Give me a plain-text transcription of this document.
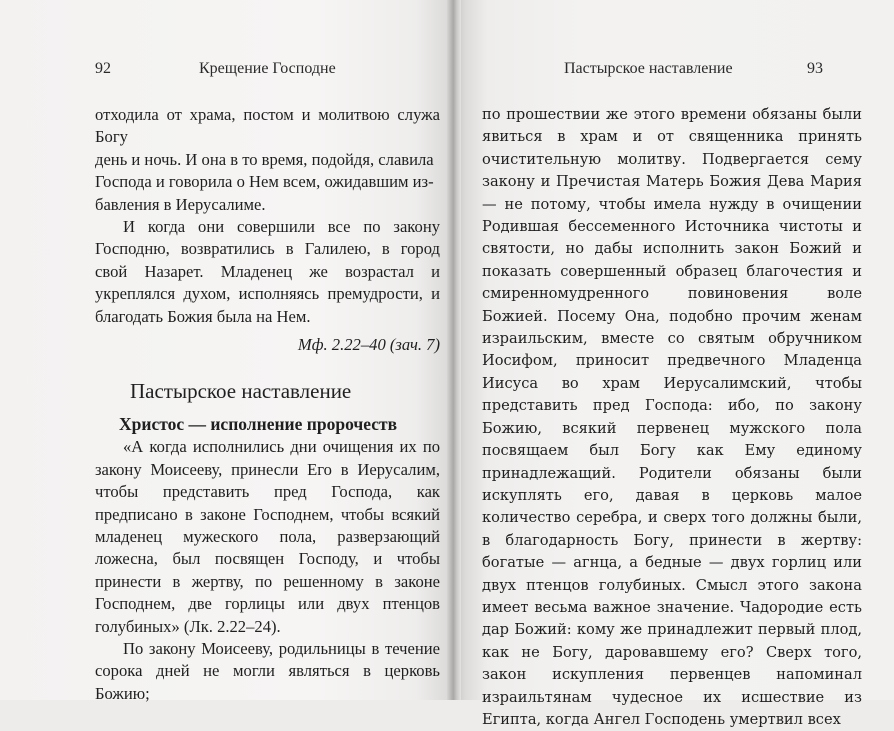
92	Крещение Господне

отходила от храма, постом и молитвою служа Богу

день и ночь. И она в то время, подойдя, славила

Господа и говорила о Нем всем, ожидавшим из-

бавления в Иерусалиме.

И когда они совершили все по закону Господню, возвратились в Галилею, в город свой Назарет. Младенец же возрастал и укреплялся духом, исполняясь премудрости, и благодать Божия была на Нем.

Мф. 2.22–40 (зач. 7)

Пастырское наставление

Христос — исполнение пророчеств

«А когда исполнились дни очищения их по закону Моисееву, принесли Его в Иерусалим, чтобы представить пред Господа, как предписано в законе Господнем, чтобы всякий младенец мужеского пола, разверзающий ложесна, был посвящен Господу, и чтобы принести в жертву, по решенному в законе Господнем, две горлицы или двух птенцов голубиных» (Лк. 2.22–24).

По закону Моисееву, родильницы в течение сорока дней не могли являться в церковь Божию;

Пастырское наставление	93

по прошествии же этого времени обязаны были явиться в храм и от священника принять очистительную молитву. Подвергается сему закону и Пречистая Матерь Божия Дева Мария — не потому, чтобы имела нужду в очищении Родившая бессеменного Источника чистоты и святости, но дабы исполнить закон Божий и показать совершенный образец благочестия и смиренномудренного повиновения воле Божией. Посему Она, подобно прочим женам израильским, вместе со святым обручником Иосифом, приносит предвечного Младенца Иисуса во храм Иерусалимский, чтобы представить пред Господа: ибо, по закону Божию, всякий первенец мужского пола посвящаем был Богу как Ему единому принадлежащий. Родители обязаны были искуплять его, давая в церковь малое количество серебра, и сверх того должны были, в благодарность Богу, принести в жертву: богатые — агнца, а бедные — двух горлиц или двух птенцов голубиных. Смысл этого закона имеет весьма важное значение. Чадородие есть дар Божий: кому же принадлежит первый плод, как не Богу, даровавшему его? Сверх того, закон искупления первенцев напоминал израильтянам чудесное их исшествие из Египта, когда Ангел Господень умертвил всех
